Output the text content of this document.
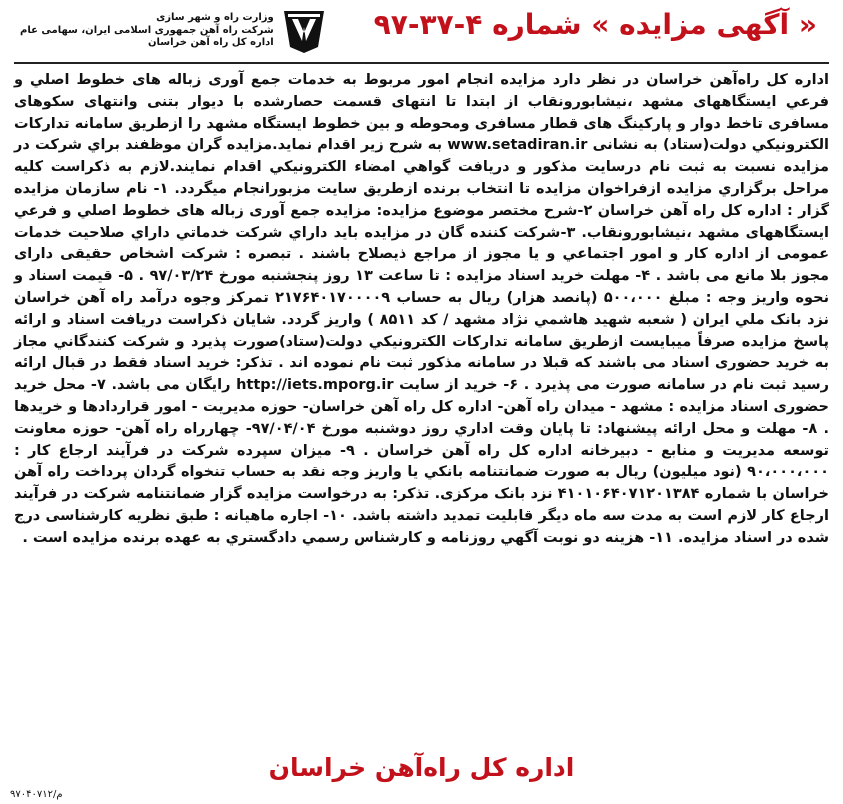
« آگهی مزایده » شماره ۴-۳۷-۹۷
وزارت راه و شهر سازی
شرکت راه آهن جمهوری اسلامی ایران، سهامی عام
اداره کل راه آهن خراسان

اداره کل راه‌آهن خراسان در نظر دارد مزایده انجام امور مربوط به خدمات جمع آوری زباله های خطوط اصلي و فرعي ایستگاههای مشهد ،نیشابورونقاب از ابتدا تا انتهای قسمت حصارشده با دیوار بتنی وانتهای سکوهای مسافری تاخط دوار و پارکینگ های قطار مسافری ومحوطه و بین خطوط ایستگاه مشهد را ازطریق سامانه تدارکات الکترونیکي دولت(ستاد) به نشانی www.setadiran.ir به شرح زیر اقدام نماید.مزایده گران موظفند براي شرکت در مزایده نسبت به ثبت نام درسایت مذکور و دریافت گواهي امضاء الکترونیکي اقدام نمایند.لازم به ذکراست کلیه مراحل برگزاري مزایده ازفراخوان مزایده تا انتخاب برنده ازطریق سایت مزبورانجام میگردد. ۱- نام سازمان مزایده گزار : اداره کل راه آهن خراسان ۲-شرح مختصر موضوع مزایده: مزایده جمع آوری زباله های خطوط اصلي و فرعي ایستگاههای مشهد ،نیشابورونقاب. ۳-شرکت کننده گان در مزایده باید داراي شرکت خدماتي داراي صلاحیت خدمات عمومی از اداره کار و امور اجتماعي و یا مجوز از مراجع ذیصلاح باشند . تبصره : شرکت اشخاص حقیقی دارای مجوز بلا مانع می باشد . ۴- مهلت خرید اسناد مزایده : تا ساعت ۱۳ روز پنجشنبه مورخ ۹۷/۰۳/۲۴ . ۵- قیمت اسناد و نحوه واریز وجه : مبلغ ۵۰۰،۰۰۰ (پانصد هزار) ریال به حساب ۲۱۷۶۴۰۱۷۰۰۰۰۹ تمرکز وجوه درآمد راه آهن خراسان نزد بانک ملي ایران ( شعبه شهید هاشمي نژاد مشهد / کد ۸۵۱۱ ) واریز گردد. شایان ذکراست دریافت اسناد و ارائه پاسخ مزایده صرفاً میبایست ازطریق سامانه تدارکات الکترونیکي دولت(ستاد)صورت پذیرد و شرکت کنندگاني مجاز به خرید حضوری اسناد می باشند که قبلا در سامانه مذکور ثبت نام نموده اند . تذکر: خرید اسناد فقط در قبال ارائه رسید ثبت نام در سامانه صورت می پذیرد . ۶- خرید از سایت http://iets.mporg.ir رایگان می باشد. ۷- محل خرید حضوری اسناد مزایده : مشهد - میدان راه آهن- اداره کل راه آهن خراسان- حوزه مدیریت - امور قراردادها و خریدها . ۸- مهلت و محل ارائه پیشنهاد: تا پایان وقت اداري روز دوشنبه مورخ ۹۷/۰۴/۰۴- چهارراه راه آهن- حوزه معاونت توسعه مدیریت و منابع - دبیرخانه اداره کل راه آهن خراسان . ۹- میزان سپرده شرکت در فرآیند ارجاع کار : ۹۰،۰۰۰،۰۰۰ (نود میلیون) ریال به صورت ضمانتنامه بانکي یا واریز وجه نقد به حساب تنخواه گردان پرداخت راه آهن خراسان با شماره ۴۱۰۱۰۶۴۰۷۱۲۰۱۳۸۴ نزد بانک مرکزی. تذکر: به درخواست مزایده گزار ضمانتنامه شرکت در فرآیند ارجاع کار لازم است به مدت سه ماه دیگر قابلیت تمدید داشته باشد. ۱۰- اجاره ماهیانه : طبق نظریه کارشناسی درج شده در اسناد مزایده. ۱۱- هزینه دو نوبت آگهي روزنامه و کارشناس رسمي دادگستري به عهده برنده مزایده است .

اداره کل راه‌آهن خراسان
م/۹۷۰۴۰۷۱۲
